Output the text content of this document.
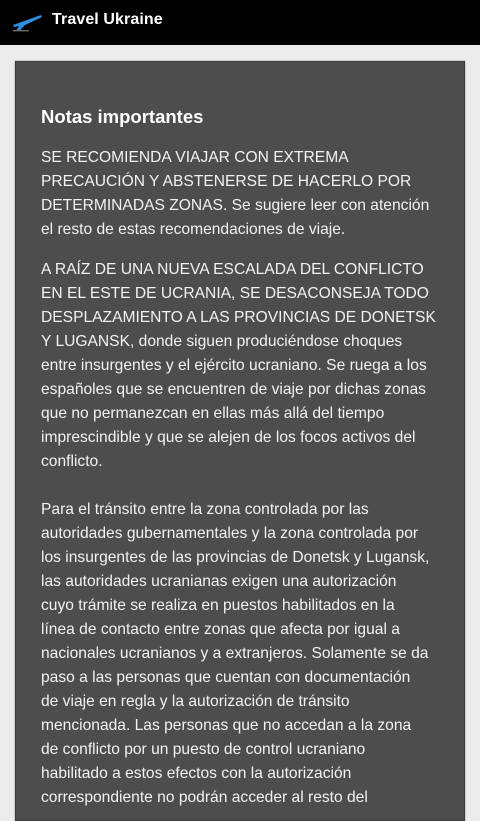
Travel Ukraine
Notas importantes

SE RECOMIENDA VIAJAR CON EXTREMA
PRECAUCIÓN Y ABSTENERSE DE HACERLO POR
DETERMINADAS ZONAS. Se sugiere leer con atención
el resto de estas recomendaciones de viaje.

A RAÍZ DE UNA NUEVA ESCALADA DEL CONFLICTO
EN EL ESTE DE UCRANIA, SE DESACONSEJA TODO
DESPLAZAMIENTO A LAS PROVINCIAS DE DONETSK
Y LUGANSK, donde siguen produciéndose choques
entre insurgentes y el ejército ucraniano. Se ruega a los
españoles que se encuentren de viaje por dichas zonas
que no permanezcan en ellas más allá del tiempo
imprescindible y que se alejen de los focos activos del
conflicto.

Para el tránsito entre la zona controlada por las
autoridades gubernamentales y la zona controlada por
los insurgentes de las provincias de Donetsk y Lugansk,
las autoridades ucranianas exigen una autorización
cuyo trámite se realiza en puestos habilitados en la
línea de contacto entre zonas que afecta por igual a
nacionales ucranianos y a extranjeros. Solamente se da
paso a las personas que cuentan con documentación
de viaje en regla y la autorización de tránsito
mencionada. Las personas que no accedan a la zona
de conflicto por un puesto de control ucraniano
habilitado a estos efectos con la autorización
correspondiente no podrán acceder al resto del
